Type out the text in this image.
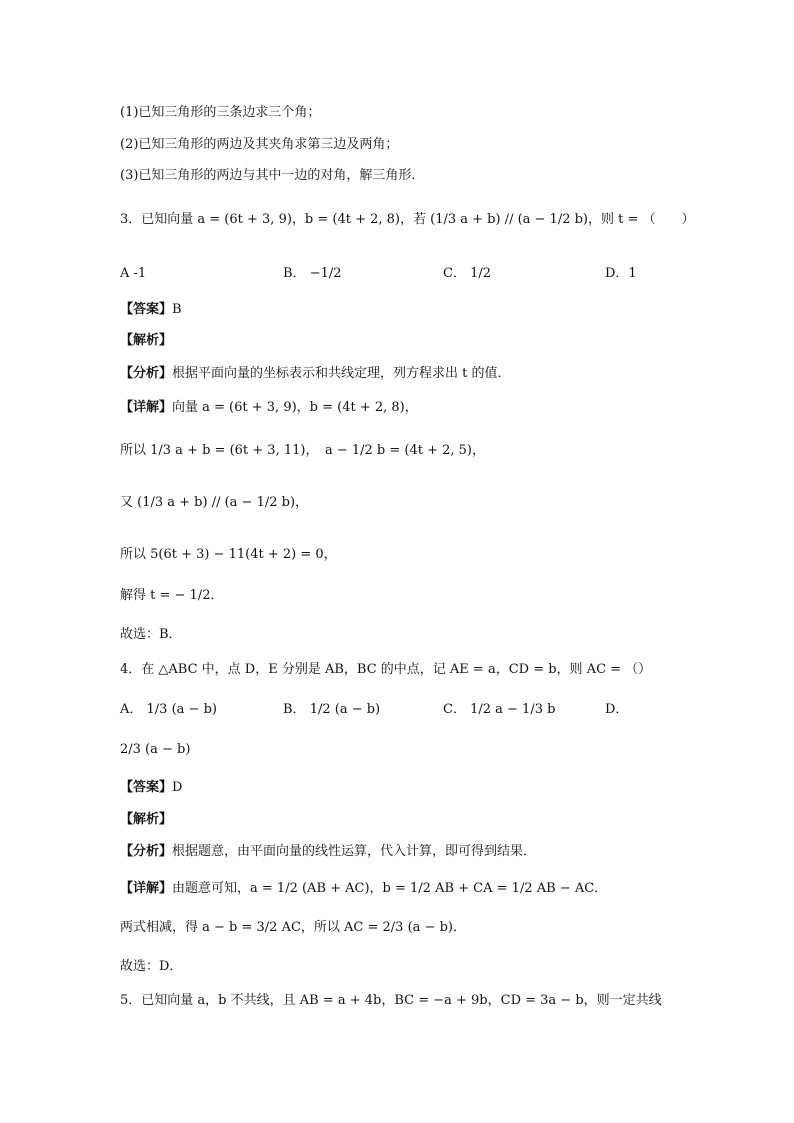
(1)已知三角形的三条边求三个角；
(2)已知三角形的两边及其夹角求第三边及两角；
(3)已知三角形的两边与其中一边的对角，解三角形．
3．已知向量 a = (6t + 3, 9)，b = (4t + 2, 8)，若 (1/3 a + b) // (a − 1/2 b)，则 t = （　　）
A -1	B． −1/2	C． 1/2	D．1
【答案】B
【解析】
【分析】根据平面向量的坐标表示和共线定理，列方程求出 t 的值．
【详解】向量 a = (6t + 3, 9)，b = (4t + 2, 8)，
所以 1/3 a + b = (6t + 3, 11)，　a − 1/2 b = (4t + 2, 5)，
又 (1/3 a + b) // (a − 1/2 b)，
所以 5(6t + 3) − 11(4t + 2) = 0，
解得 t = − 1/2．
故选：B．
4．在 △ABC 中，点 D，E 分别是 AB，BC 的中点，记 AE = a，CD = b，则 AC = （）
A． 1/3 (a − b)	B． 1/2 (a − b)	C． 1/2 a − 1/3 b	D．
2/3 (a − b)
【答案】D
【解析】
【分析】根据题意，由平面向量的线性运算，代入计算，即可得到结果．
【详解】由题意可知，a = 1/2 (AB + AC)，b = 1/2 AB + CA = 1/2 AB − AC．
两式相减，得 a − b = 3/2 AC，所以 AC = 2/3 (a − b)．
故选：D．
5．已知向量 a，b 不共线，且 AB = a + 4b，BC = −a + 9b，CD = 3a − b，则一定共线
